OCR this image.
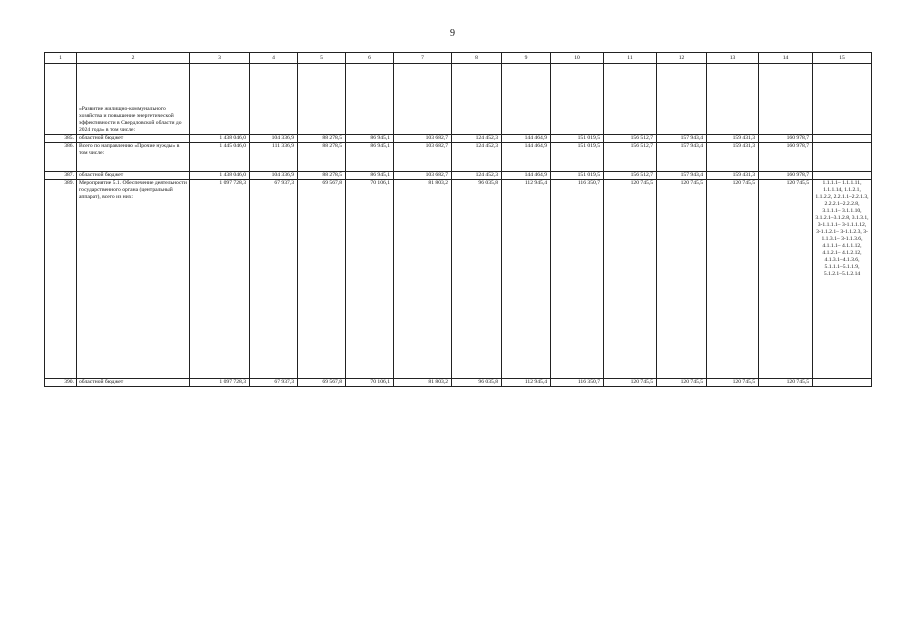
9
1	2	3	4	5	6	7	8	9	10	11	12	13	14	15
	«Развитие жилищно-коммунального хозяйства и повышение энергетической эффективности в Свердловской области до 2024 года» в том числе:													
385.	областной бюджет	1 438 046,0	104 336,9	88 278,5	86 945,1	103 682,7	124 452,3	144 464,9	151 019,5	156 512,7	157 943,4	159 431,3	160 978,7	
386.	Всего по направлению «Прочие нужды» в том числе:	1 445 046,0	111 336,9	88 278,5	86 945,1	103 682,7	124 452,3	144 464,9	151 019,5	156 512,7	157 943,4	159 431,3	160 978,7	
387.	областной бюджет	1 438 046,0	104 336,9	88 278,5	86 945,1	103 682,7	124 452,3	144 464,9	151 019,5	156 512,7	157 943,4	159 431,3	160 978,7	
389.	Мероприятие 5.1. Обеспечение деятельности государственного органа (центральный аппарат), всего из них:	1 097 728,3	67 937,3	69 567,8	70 106,1	81 803,2	96 035,8	112 945,4	116 350,7	120 745,5	120 745,5	120 745,5	120 745,5	1.1.1.1– 1.1.1.11, 1.1.1.14, 1.1.2.1, 1.1.2.2, 2.2.1.1–2.2.1.3, 2.2.2.1–2.2.2.8, 3.1.1.1– 3.1.1.10, 3.1.2.1–3.1.2.8, 3.1.3.1, 3-1.1.1.1– 3-1.1.1.12, 3-1.1.2.1– 3-1.1.2.3, 3-1.1.3.1– 3-1.1.3.6, 4.1.1.1– 4.1.1.12, 4.1.2.1– 4.1.2.12, 4.1.3.1–4.1.3.6, 5.1.1.1–5.1.1.9, 5.1.2.1–5.1.2.14
390.	областной бюджет	1 097 728,3	67 937,3	69 567,8	70 106,1	81 803,2	96 035,8	112 945,4	116 350,7	120 745,5	120 745,5	120 745,5	120 745,5	
